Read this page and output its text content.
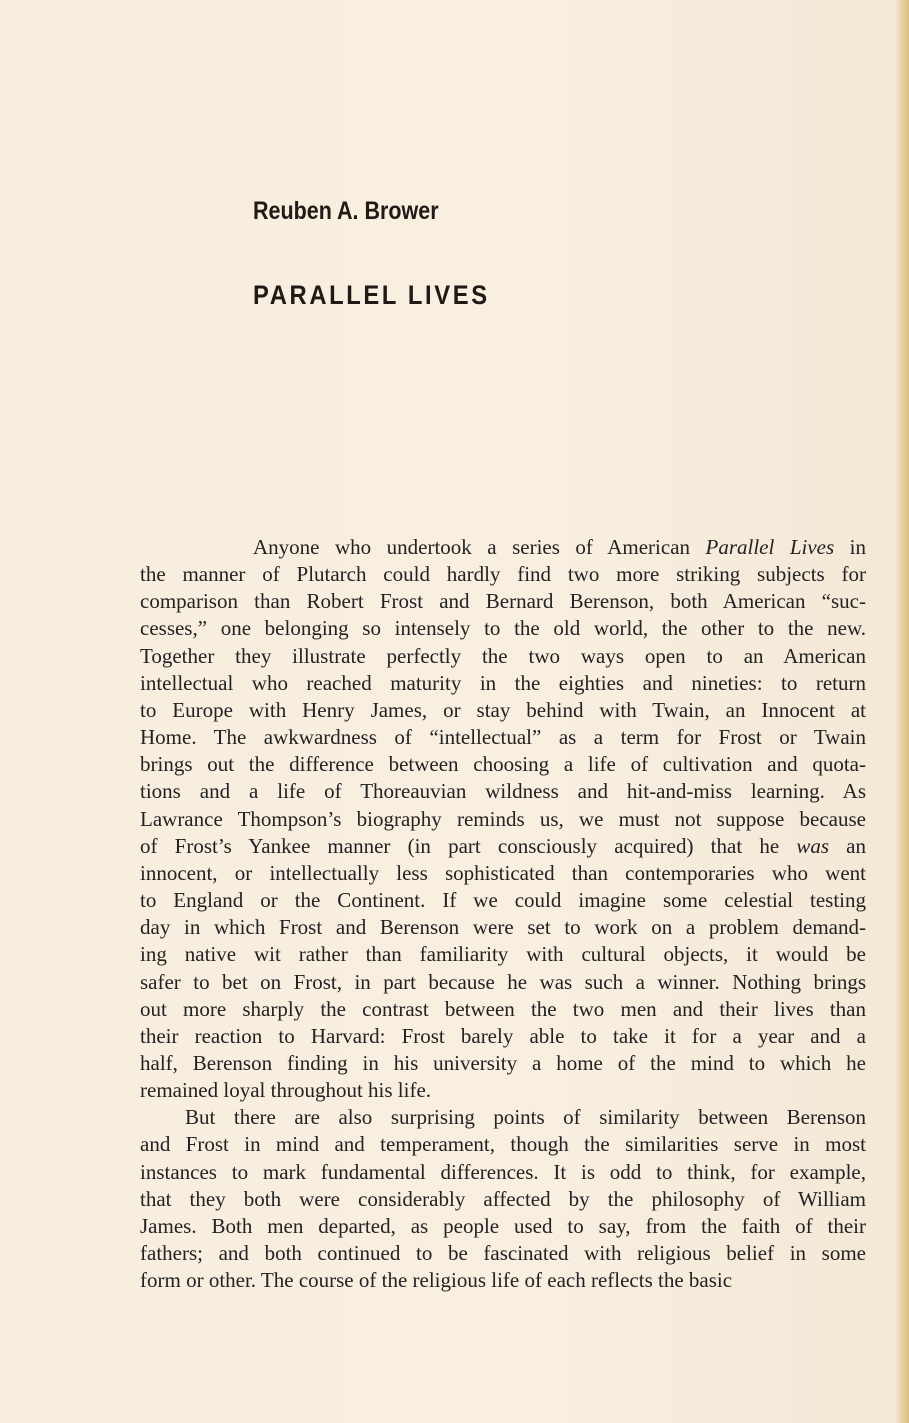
Reuben A. Brower
PARALLEL LIVES

Anyone who undertook a series of American Parallel Lives in
the manner of Plutarch could hardly find two more striking subjects for
comparison than Robert Frost and Bernard Berenson, both American “suc-
cesses,” one belonging so intensely to the old world, the other to the new.
Together they illustrate perfectly the two ways open to an American
intellectual who reached maturity in the eighties and nineties: to return
to Europe with Henry James, or stay behind with Twain, an Innocent at
Home. The awkwardness of “intellectual” as a term for Frost or Twain
brings out the difference between choosing a life of cultivation and quota-
tions and a life of Thoreauvian wildness and hit-and-miss learning. As
Lawrance Thompson’s biography reminds us, we must not suppose because
of Frost’s Yankee manner (in part consciously acquired) that he was an
innocent, or intellectually less sophisticated than contemporaries who went
to England or the Continent. If we could imagine some celestial testing
day in which Frost and Berenson were set to work on a problem demand-
ing native wit rather than familiarity with cultural objects, it would be
safer to bet on Frost, in part because he was such a winner. Nothing brings
out more sharply the contrast between the two men and their lives than
their reaction to Harvard: Frost barely able to take it for a year and a
half, Berenson finding in his university a home of the mind to which he
remained loyal throughout his life.

But there are also surprising points of similarity between Berenson
and Frost in mind and temperament, though the similarities serve in most
instances to mark fundamental differences. It is odd to think, for example,
that they both were considerably affected by the philosophy of William
James. Both men departed, as people used to say, from the faith of their
fathers; and both continued to be fascinated with religious belief in some
form or other. The course of the religious life of each reflects the basic
